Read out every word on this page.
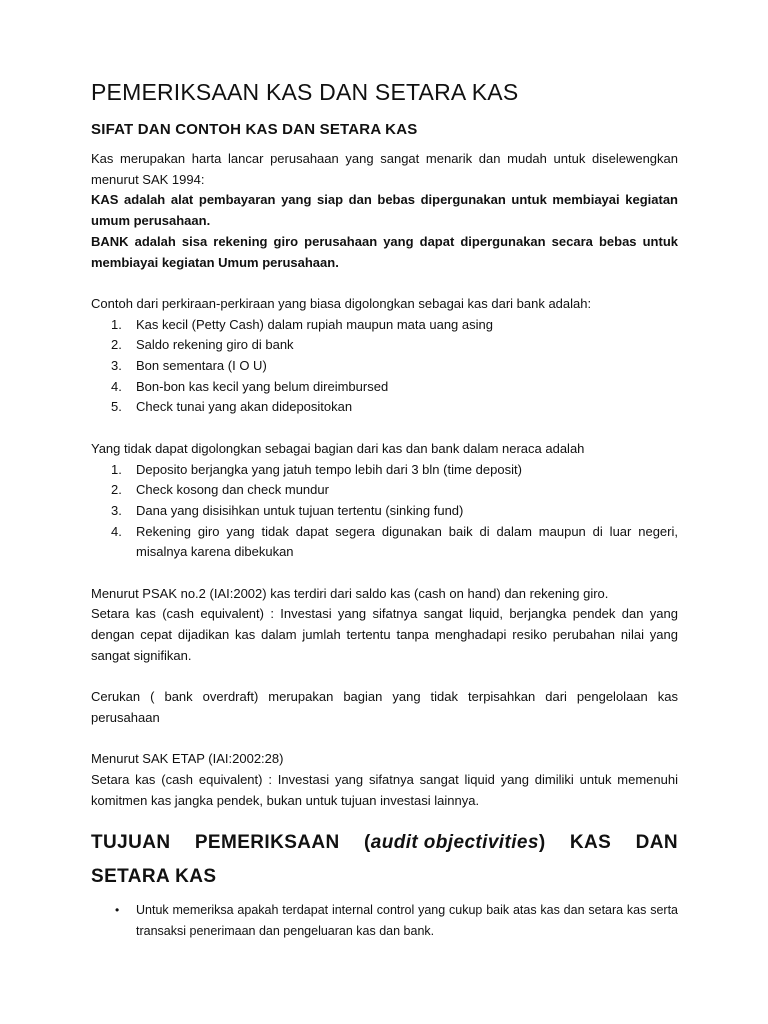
PEMERIKSAAN KAS DAN SETARA KAS
SIFAT DAN CONTOH KAS DAN SETARA KAS

Kas merupakan harta lancar perusahaan yang sangat menarik dan mudah untuk diselewengkan menurut SAK 1994:

KAS adalah alat pembayaran yang siap dan bebas dipergunakan untuk membiayai kegiatan umum perusahaan.

BANK adalah sisa rekening giro perusahaan yang dapat dipergunakan secara bebas untuk membiayai kegiatan Umum perusahaan.

Contoh dari perkiraan-perkiraan yang biasa digolongkan sebagai kas dari bank adalah:

1. Kas kecil (Petty Cash) dalam rupiah maupun mata uang asing
2. Saldo rekening giro di bank
3. Bon sementara (I O U)
4. Bon-bon kas kecil yang belum direimbursed
5. Check tunai yang akan didepositokan

Yang tidak dapat digolongkan sebagai bagian dari kas dan bank dalam neraca adalah

1. Deposito berjangka yang jatuh tempo lebih dari 3 bln (time deposit)
2. Check kosong dan check mundur
3. Dana yang disisihkan untuk tujuan tertentu (sinking fund)
4. Rekening giro yang tidak dapat segera digunakan baik di dalam maupun di luar negeri, misalnya karena dibekukan

Menurut PSAK no.2 (IAI:2002) kas terdiri dari saldo kas (cash on hand) dan rekening giro.

Setara kas (cash equivalent) : Investasi yang sifatnya sangat liquid, berjangka pendek dan yang dengan cepat dijadikan kas dalam jumlah tertentu tanpa menghadapi resiko perubahan nilai yang sangat signifikan.

Cerukan ( bank overdraft) merupakan bagian yang tidak terpisahkan dari pengelolaan kas perusahaan

Menurut SAK ETAP (IAI:2002:28)

Setara kas (cash equivalent) : Investasi yang sifatnya sangat liquid yang dimiliki untuk memenuhi komitmen kas jangka pendek, bukan untuk tujuan investasi lainnya.

TUJUAN PEMERIKSAAN (audit objectivities) KAS DAN
SETARA KAS
• Untuk memeriksa apakah terdapat internal control yang cukup baik atas kas dan setara kas serta transaksi penerimaan dan pengeluaran kas dan bank.
